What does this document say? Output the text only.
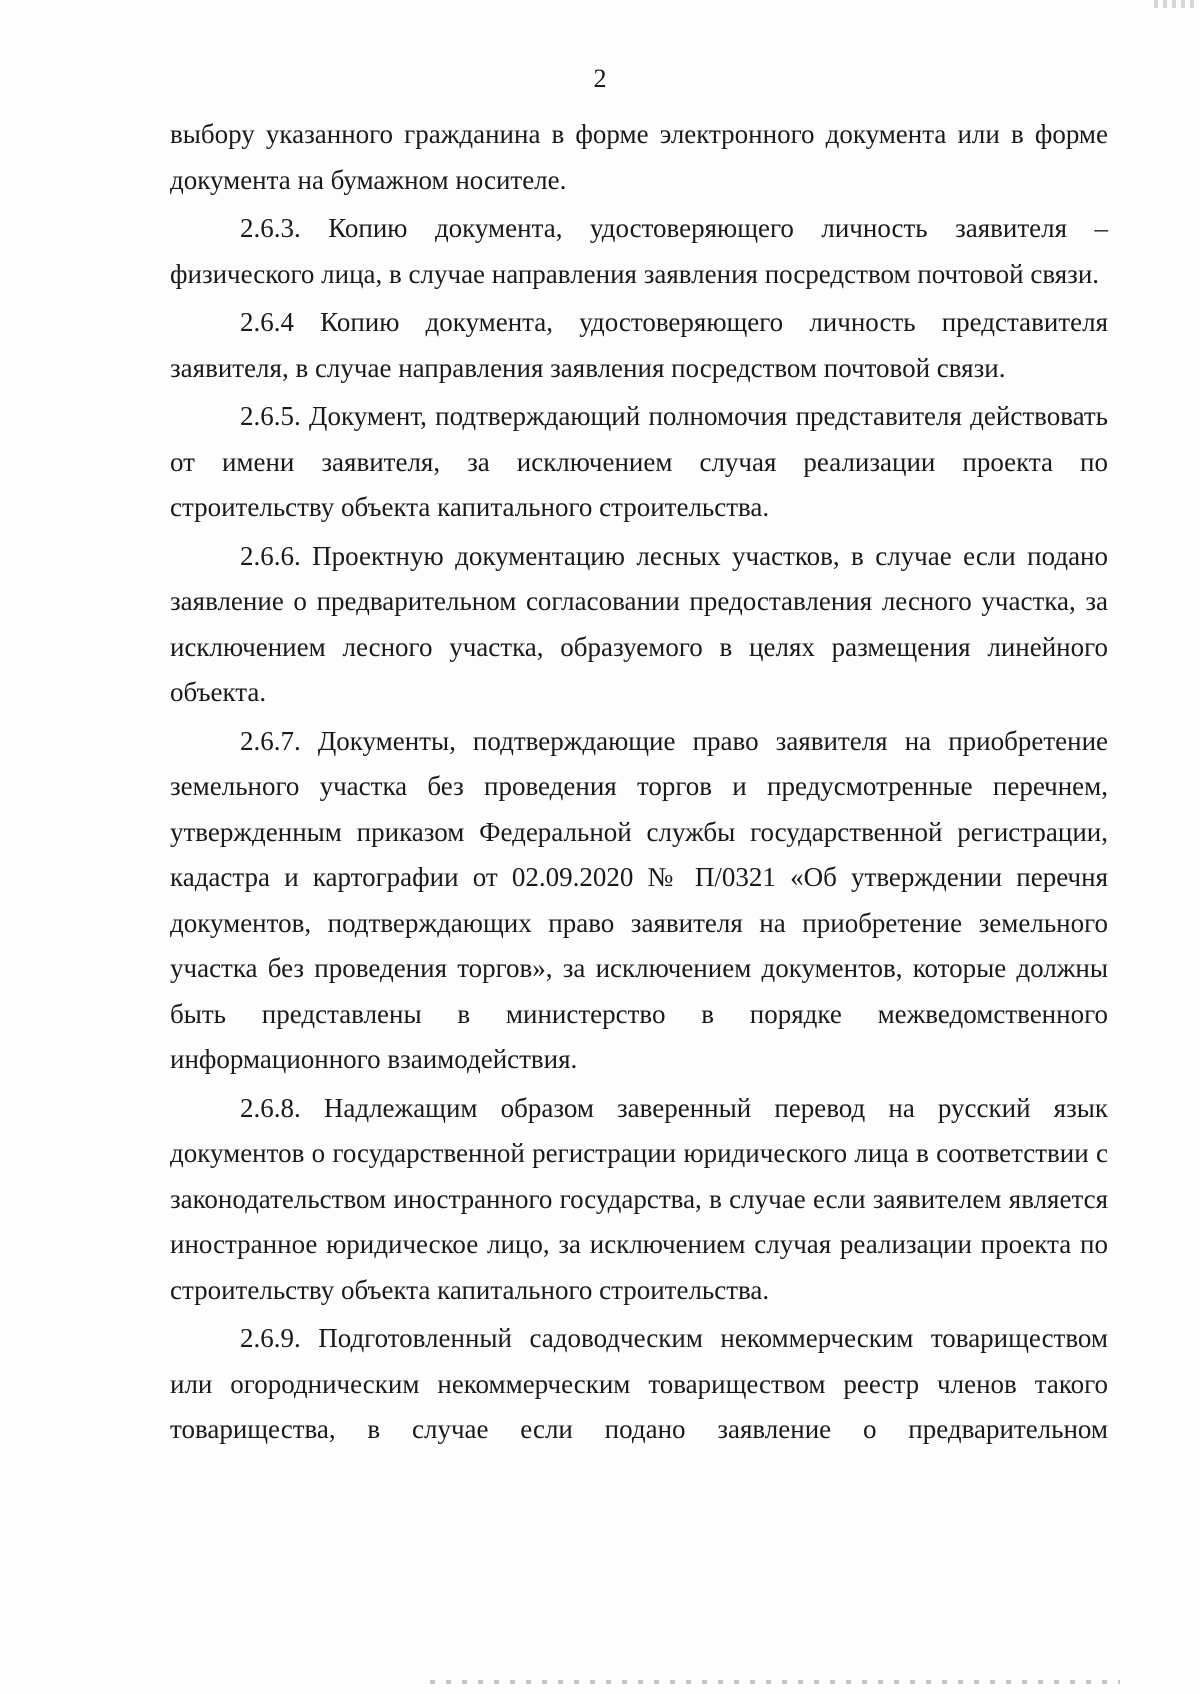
2

выбору указанного гражданина в форме электронного документа или в форме документа на бумажном носителе.

2.6.3. Копию документа, удостоверяющего личность заявителя – физического лица, в случае направления заявления посредством почтовой связи.

2.6.4 Копию документа, удостоверяющего личность представителя заявителя, в случае направления заявления посредством почтовой связи.

2.6.5. Документ, подтверждающий полномочия представителя действовать от имени заявителя, за исключением случая реализации проекта по строительству объекта капитального строительства.

2.6.6. Проектную документацию лесных участков, в случае если подано заявление о предварительном согласовании предоставления лесного участка, за исключением лесного участка, образуемого в целях размещения линейного объекта.

2.6.7. Документы, подтверждающие право заявителя на приобретение земельного участка без проведения торгов и предусмотренные перечнем, утвержденным приказом Федеральной службы государственной регистрации, кадастра и картографии от 02.09.2020 № П/0321 «Об утверждении перечня документов, подтверждающих право заявителя на приобретение земельного участка без проведения торгов», за исключением документов, которые должны быть представлены в министерство в порядке межведомственного информационного взаимодействия.

2.6.8. Надлежащим образом заверенный перевод на русский язык документов о государственной регистрации юридического лица в соответствии с законодательством иностранного государства, в случае если заявителем является иностранное юридическое лицо, за исключением случая реализации проекта по строительству объекта капитального строительства.

2.6.9. Подготовленный садоводческим некоммерческим товариществом или огородническим некоммерческим товариществом реестр членов такого товарищества, в случае если подано заявление о предварительном
